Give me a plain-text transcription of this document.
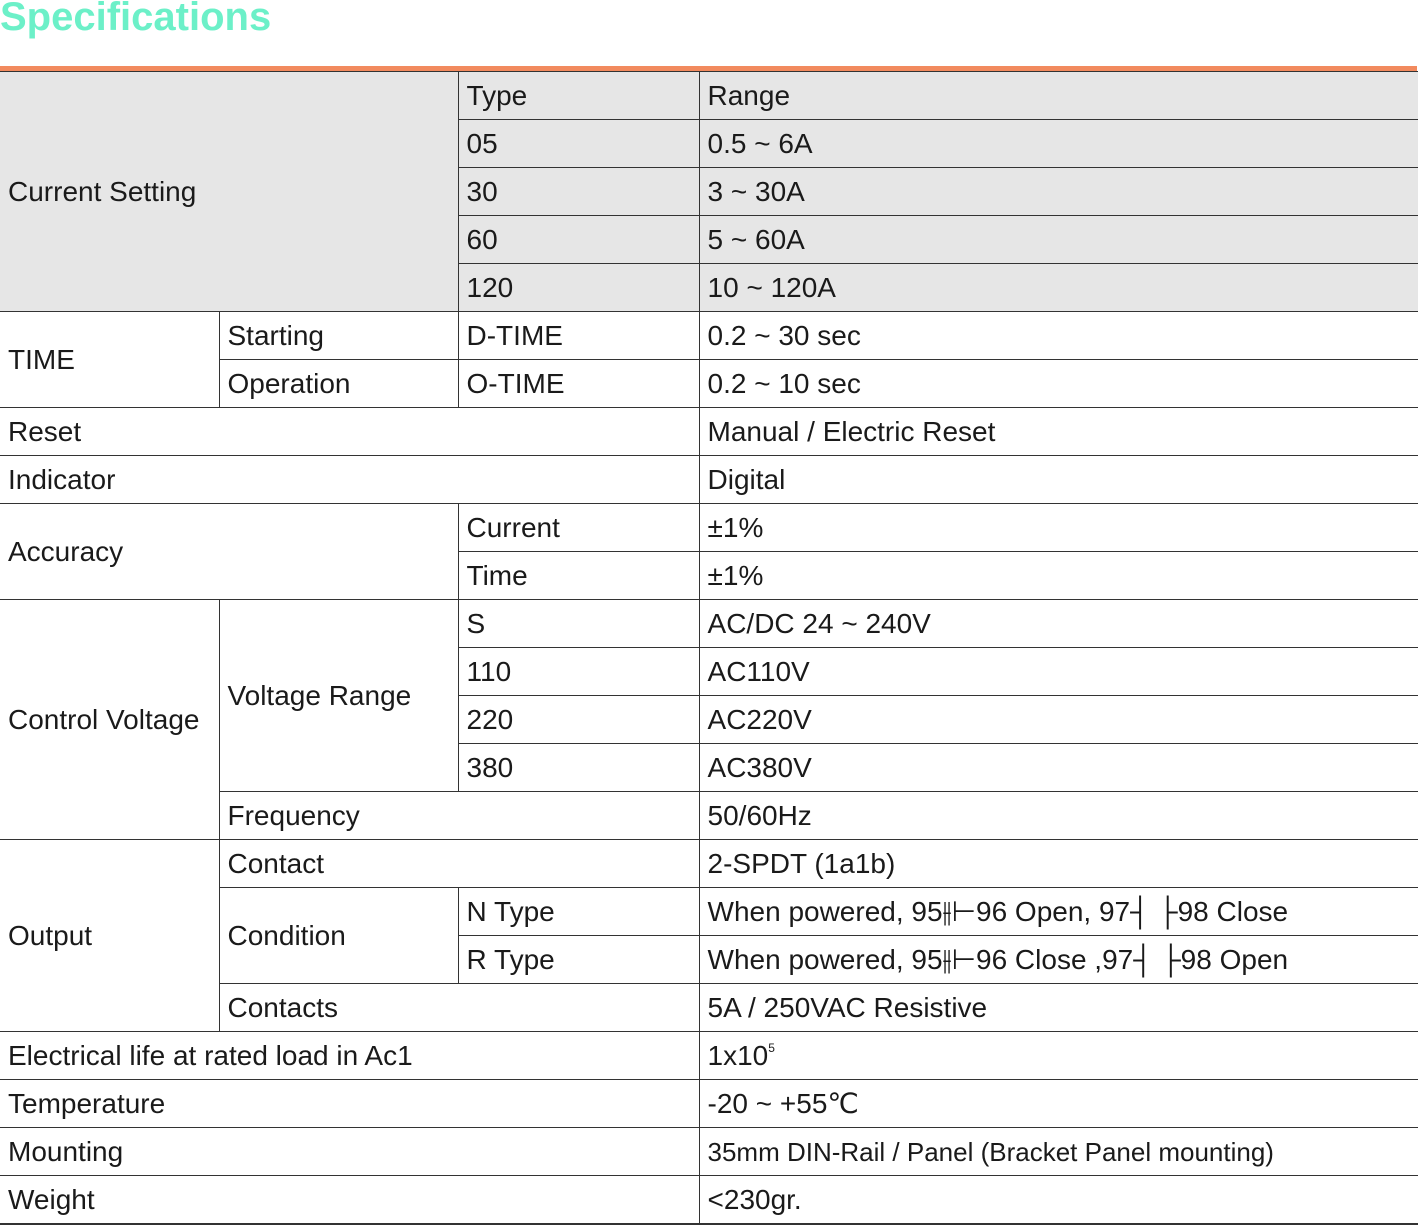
Specifications
Current Setting		Type	Range
		05	0.5 ~ 6A
		30	3 ~ 30A
		60	5 ~ 60A
		120	10 ~ 120A
TIME	Starting	D-TIME	0.2 ~ 30 sec
	Operation	O-TIME	0.2 ~ 10 sec
Reset			Manual / Electric Reset
Indicator			Digital
Accuracy		Current	±1%
		Time	±1%
Control Voltage	Voltage Range	S	AC/DC 24 ~ 240V
		110	AC110V
		220	AC220V
		380	AC380V
	Frequency		50/60Hz
Output	Contact		2-SPDT (1a1b)
	Condition	N Type	When powered, 95⫲⊢96 Open, 97┤ ├98 Close
		R Type	When powered, 95⫲⊢96 Close ,97┤ ├98 Open
	Contacts		5A / 250VAC Resistive
Electrical life at rated load in Ac1			$1x10^5$
Temperature			-20 ~ +55℃
Mounting			35mm DIN-Rail / Panel (Bracket Panel mounting)
Weight			<230gr.
